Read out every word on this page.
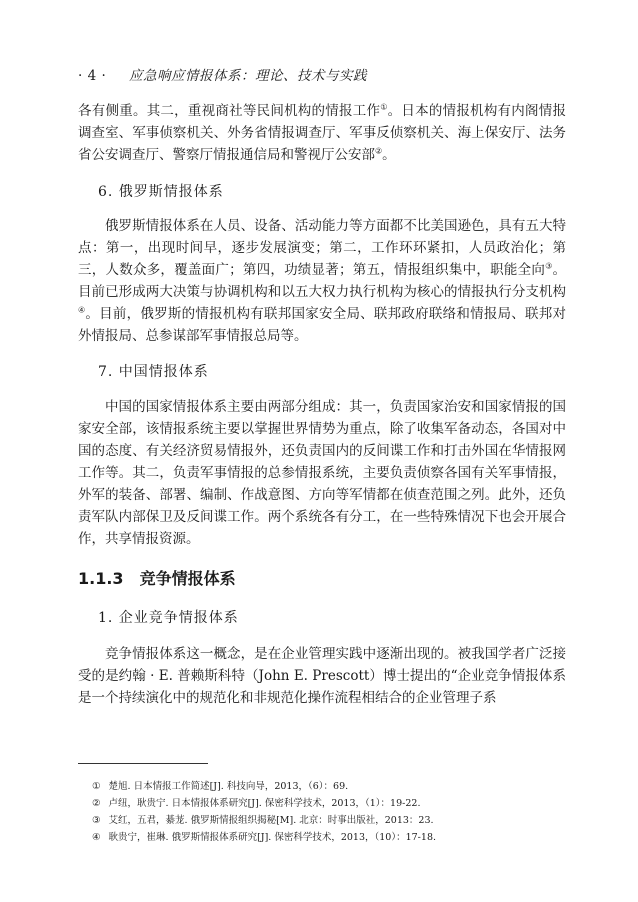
· 4 · 应急响应情报体系：理论、技术与实践

各有侧重。其二，重视商社等民间机构的情报工作①。日本的情报机构有内阁情报调查室、军事侦察机关、外务省情报调查厅、军事反侦察机关、海上保安厅、法务省公安调查厅、警察厅情报通信局和警视厅公安部②。

6. 俄罗斯情报体系

俄罗斯情报体系在人员、设备、活动能力等方面都不比美国逊色，具有五大特点：第一，出现时间早，逐步发展演变；第二，工作环环紧扣，人员政治化；第三，人数众多，覆盖面广；第四，功绩显著；第五，情报组织集中，职能全向③。目前已形成两大决策与协调机构和以五大权力执行机构为核心的情报执行分支机构④。目前，俄罗斯的情报机构有联邦国家安全局、联邦政府联络和情报局、联邦对外情报局、总参谋部军事情报总局等。

7. 中国情报体系

中国的国家情报体系主要由两部分组成：其一，负责国家治安和国家情报的国家安全部，该情报系统主要以掌握世界情势为重点，除了收集军备动态，各国对中国的态度、有关经济贸易情报外，还负责国内的反间谍工作和打击外国在华情报网工作等。其二，负责军事情报的总参情报系统，主要负责侦察各国有关军事情报，外军的装备、部署、编制、作战意图、方向等军情都在侦查范围之列。此外，还负责军队内部保卫及反间谍工作。两个系统各有分工，在一些特殊情况下也会开展合作，共享情报资源。

1.1.3 竞争情报体系
1. 企业竞争情报体系

竞争情报体系这一概念，是在企业管理实践中逐渐出现的。被我国学者广泛接受的是约翰 · E. 普赖斯科特（John E. Prescott）博士提出的“企业竞争情报体系是一个持续演化中的规范化和非规范化操作流程相结合的企业管理子系

① 楚旭. 日本情报工作简述[J]. 科技向导，2013，（6）：69.
② 卢纽，耿贵宁. 日本情报体系研究[J]. 保密科学技术，2013，（1）：19-22.
③ 艾红，五君，綦茏. 俄罗斯情报组织揭秘[M]. 北京：时事出版社，2013：23.
④ 耿贵宁，崔琳. 俄罗斯情报体系研究[J]. 保密科学技术，2013，（10）：17-18.
